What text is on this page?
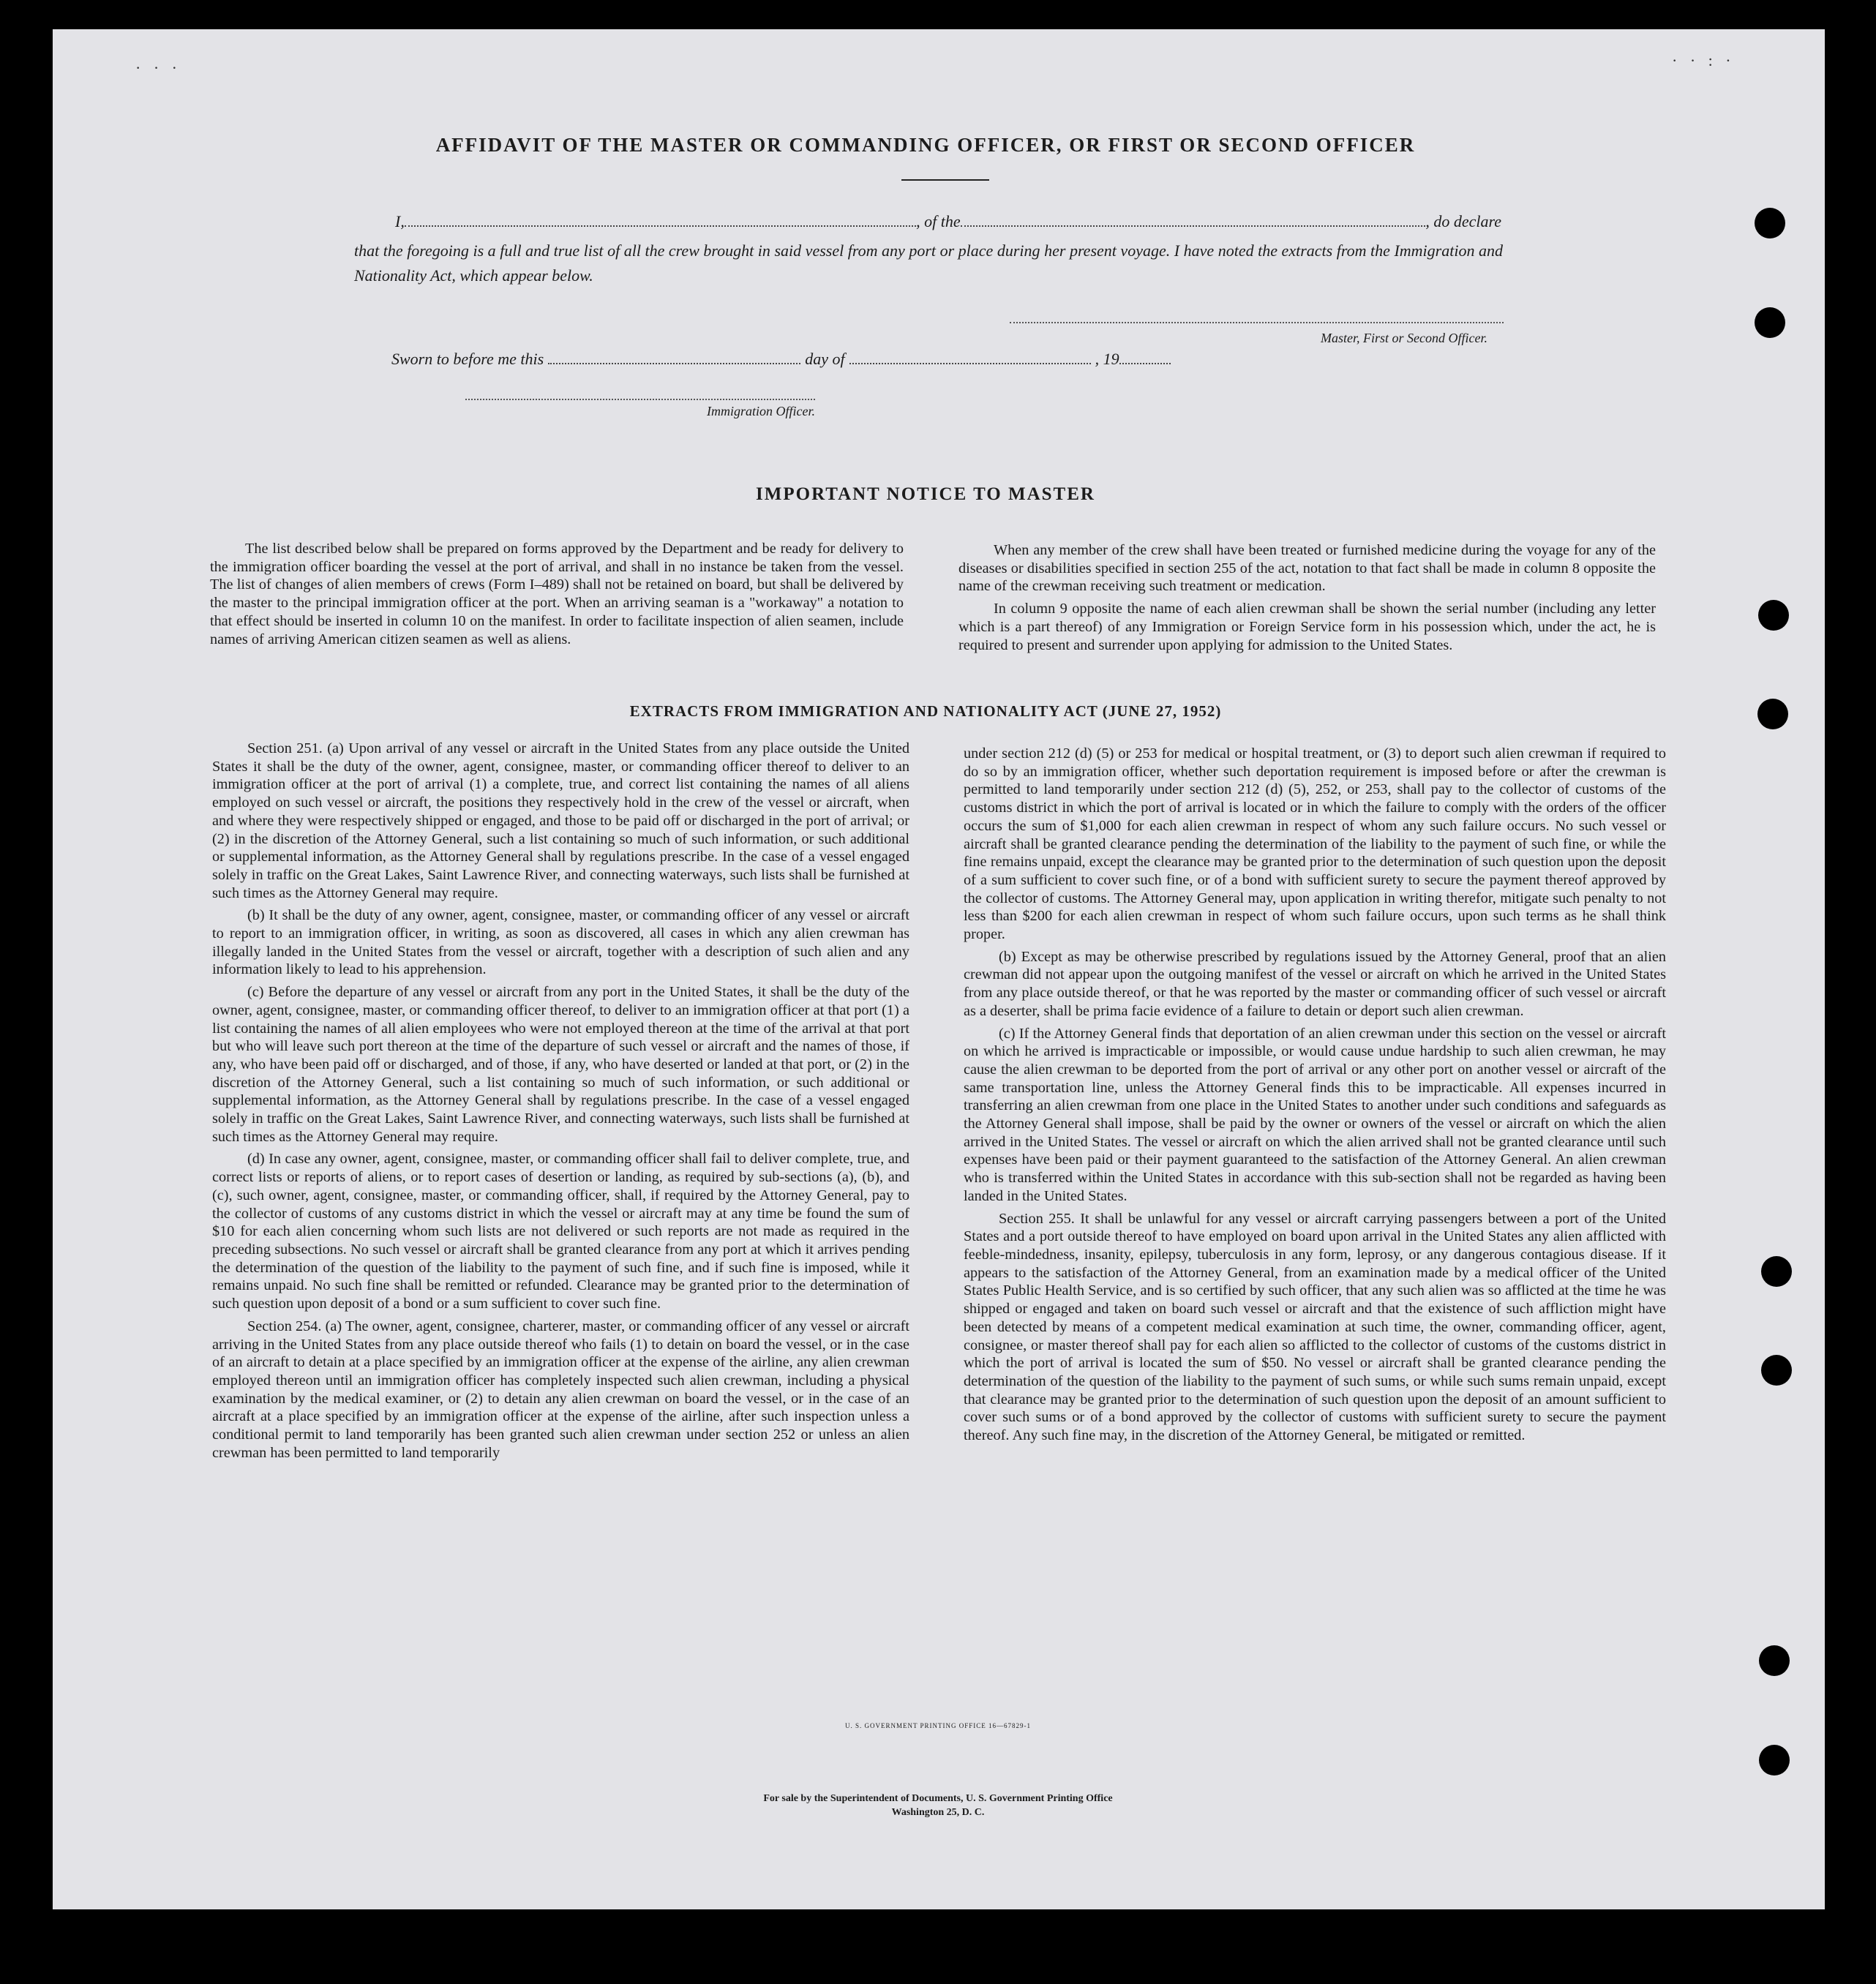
· · ·	· · : ·
AFFIDAVIT OF THE MASTER OR COMMANDING OFFICER, OR FIRST OR SECOND OFFICER
I,	, of the	, do declare
that the foregoing is a full and true list of all the crew brought in said vessel from any port or place during her present voyage. I have noted the extracts from the Immigration and Nationality Act, which appear below.
Master, First or Second Officer.
Sworn to before me this	day of	, 19
Immigration Officer.
IMPORTANT NOTICE TO MASTER

The list described below shall be prepared on forms approved by the Department and be ready for delivery to the immigration officer boarding the vessel at the port of arrival, and shall in no instance be taken from the vessel. The list of changes of alien members of crews (Form I–489) shall not be retained on board, but shall be delivered by the master to the principal immigration officer at the port. When an arriving seaman is a "workaway" a notation to that effect should be inserted in column 10 on the manifest. In order to facilitate inspection of alien seamen, include names of arriving American citizen seamen as well as aliens.

When any member of the crew shall have been treated or furnished medicine during the voyage for any of the diseases or disabilities specified in section 255 of the act, notation to that fact shall be made in column 8 opposite the name of the crewman receiving such treatment or medication.

In column 9 opposite the name of each alien crewman shall be shown the serial number (including any letter which is a part thereof) of any Immigration or Foreign Service form in his possession which, under the act, he is required to present and surrender upon applying for admission to the United States.

EXTRACTS FROM IMMIGRATION AND NATIONALITY ACT (JUNE 27, 1952)

Section 251. (a) Upon arrival of any vessel or aircraft in the United States from any place outside the United States it shall be the duty of the owner, agent, consignee, master, or commanding officer thereof to deliver to an immigration officer at the port of arrival (1) a complete, true, and correct list containing the names of all aliens employed on such vessel or aircraft, the positions they respectively hold in the crew of the vessel or aircraft, when and where they were respectively shipped or engaged, and those to be paid off or discharged in the port of arrival; or (2) in the discretion of the Attorney General, such a list containing so much of such information, or such additional or supplemental information, as the Attorney General shall by regulations prescribe. In the case of a vessel engaged solely in traffic on the Great Lakes, Saint Lawrence River, and connecting waterways, such lists shall be furnished at such times as the Attorney General may require.

(b) It shall be the duty of any owner, agent, consignee, master, or commanding officer of any vessel or aircraft to report to an immigration officer, in writing, as soon as discovered, all cases in which any alien crewman has illegally landed in the United States from the vessel or aircraft, together with a description of such alien and any information likely to lead to his apprehension.

(c) Before the departure of any vessel or aircraft from any port in the United States, it shall be the duty of the owner, agent, consignee, master, or commanding officer thereof, to deliver to an immigration officer at that port (1) a list containing the names of all alien employees who were not employed thereon at the time of the arrival at that port but who will leave such port thereon at the time of the departure of such vessel or aircraft and the names of those, if any, who have been paid off or discharged, and of those, if any, who have deserted or landed at that port, or (2) in the discretion of the Attorney General, such a list containing so much of such information, or such additional or supplemental information, as the Attorney General shall by regulations prescribe. In the case of a vessel engaged solely in traffic on the Great Lakes, Saint Lawrence River, and connecting waterways, such lists shall be furnished at such times as the Attorney General may require.

(d) In case any owner, agent, consignee, master, or commanding officer shall fail to deliver complete, true, and correct lists or reports of aliens, or to report cases of desertion or landing, as required by sub-sections (a), (b), and (c), such owner, agent, consignee, master, or commanding officer, shall, if required by the Attorney General, pay to the collector of customs of any customs district in which the vessel or aircraft may at any time be found the sum of $10 for each alien concerning whom such lists are not delivered or such reports are not made as required in the preceding subsections. No such vessel or aircraft shall be granted clearance from any port at which it arrives pending the determination of the question of the liability to the payment of such fine, and if such fine is imposed, while it remains unpaid. No such fine shall be remitted or refunded. Clearance may be granted prior to the determination of such question upon deposit of a bond or a sum sufficient to cover such fine.

Section 254. (a) The owner, agent, consignee, charterer, master, or commanding officer of any vessel or aircraft arriving in the United States from any place outside thereof who fails (1) to detain on board the vessel, or in the case of an aircraft to detain at a place specified by an immigration officer at the expense of the airline, any alien crewman employed thereon until an immigration officer has completely inspected such alien crewman, including a physical examination by the medical examiner, or (2) to detain any alien crewman on board the vessel, or in the case of an aircraft at a place specified by an immigration officer at the expense of the airline, after such inspection unless a conditional permit to land temporarily has been granted such alien crewman under section 252 or unless an alien crewman has been permitted to land temporarily

under section 212 (d) (5) or 253 for medical or hospital treatment, or (3) to deport such alien crewman if required to do so by an immigration officer, whether such deportation requirement is imposed before or after the crewman is permitted to land temporarily under section 212 (d) (5), 252, or 253, shall pay to the collector of customs of the customs district in which the port of arrival is located or in which the failure to comply with the orders of the officer occurs the sum of $1,000 for each alien crewman in respect of whom any such failure occurs. No such vessel or aircraft shall be granted clearance pending the determination of the liability to the payment of such fine, or while the fine remains unpaid, except the clearance may be granted prior to the determination of such question upon the deposit of a sum sufficient to cover such fine, or of a bond with sufficient surety to secure the payment thereof approved by the collector of customs. The Attorney General may, upon application in writing therefor, mitigate such penalty to not less than $200 for each alien crewman in respect of whom such failure occurs, upon such terms as he shall think proper.

(b) Except as may be otherwise prescribed by regulations issued by the Attorney General, proof that an alien crewman did not appear upon the outgoing manifest of the vessel or aircraft on which he arrived in the United States from any place outside thereof, or that he was reported by the master or commanding officer of such vessel or aircraft as a deserter, shall be prima facie evidence of a failure to detain or deport such alien crewman.

(c) If the Attorney General finds that deportation of an alien crewman under this section on the vessel or aircraft on which he arrived is impracticable or impossible, or would cause undue hardship to such alien crewman, he may cause the alien crewman to be deported from the port of arrival or any other port on another vessel or aircraft of the same transportation line, unless the Attorney General finds this to be impracticable. All expenses incurred in transferring an alien crewman from one place in the United States to another under such conditions and safeguards as the Attorney General shall impose, shall be paid by the owner or owners of the vessel or aircraft on which the alien arrived in the United States. The vessel or aircraft on which the alien arrived shall not be granted clearance until such expenses have been paid or their payment guaranteed to the satisfaction of the Attorney General. An alien crewman who is transferred within the United States in accordance with this sub-section shall not be regarded as having been landed in the United States.

Section 255. It shall be unlawful for any vessel or aircraft carrying passengers between a port of the United States and a port outside thereof to have employed on board upon arrival in the United States any alien afflicted with feeble-mindedness, insanity, epilepsy, tuberculosis in any form, leprosy, or any dangerous contagious disease. If it appears to the satisfaction of the Attorney General, from an examination made by a medical officer of the United States Public Health Service, and is so certified by such officer, that any such alien was so afflicted at the time he was shipped or engaged and taken on board such vessel or aircraft and that the existence of such affliction might have been detected by means of a competent medical examination at such time, the owner, commanding officer, agent, consignee, or master thereof shall pay for each alien so afflicted to the collector of customs of the customs district in which the port of arrival is located the sum of $50. No vessel or aircraft shall be granted clearance pending the determination of the question of the liability to the payment of such sums, or while such sums remain unpaid, except that clearance may be granted prior to the determination of such question upon the deposit of an amount sufficient to cover such sums or of a bond approved by the collector of customs with sufficient surety to secure the payment thereof. Any such fine may, in the discretion of the Attorney General, be mitigated or remitted.

U. S. GOVERNMENT PRINTING OFFICE 16—67829-1
For sale by the Superintendent of Documents, U. S. Government Printing Office
Washington 25, D. C.
